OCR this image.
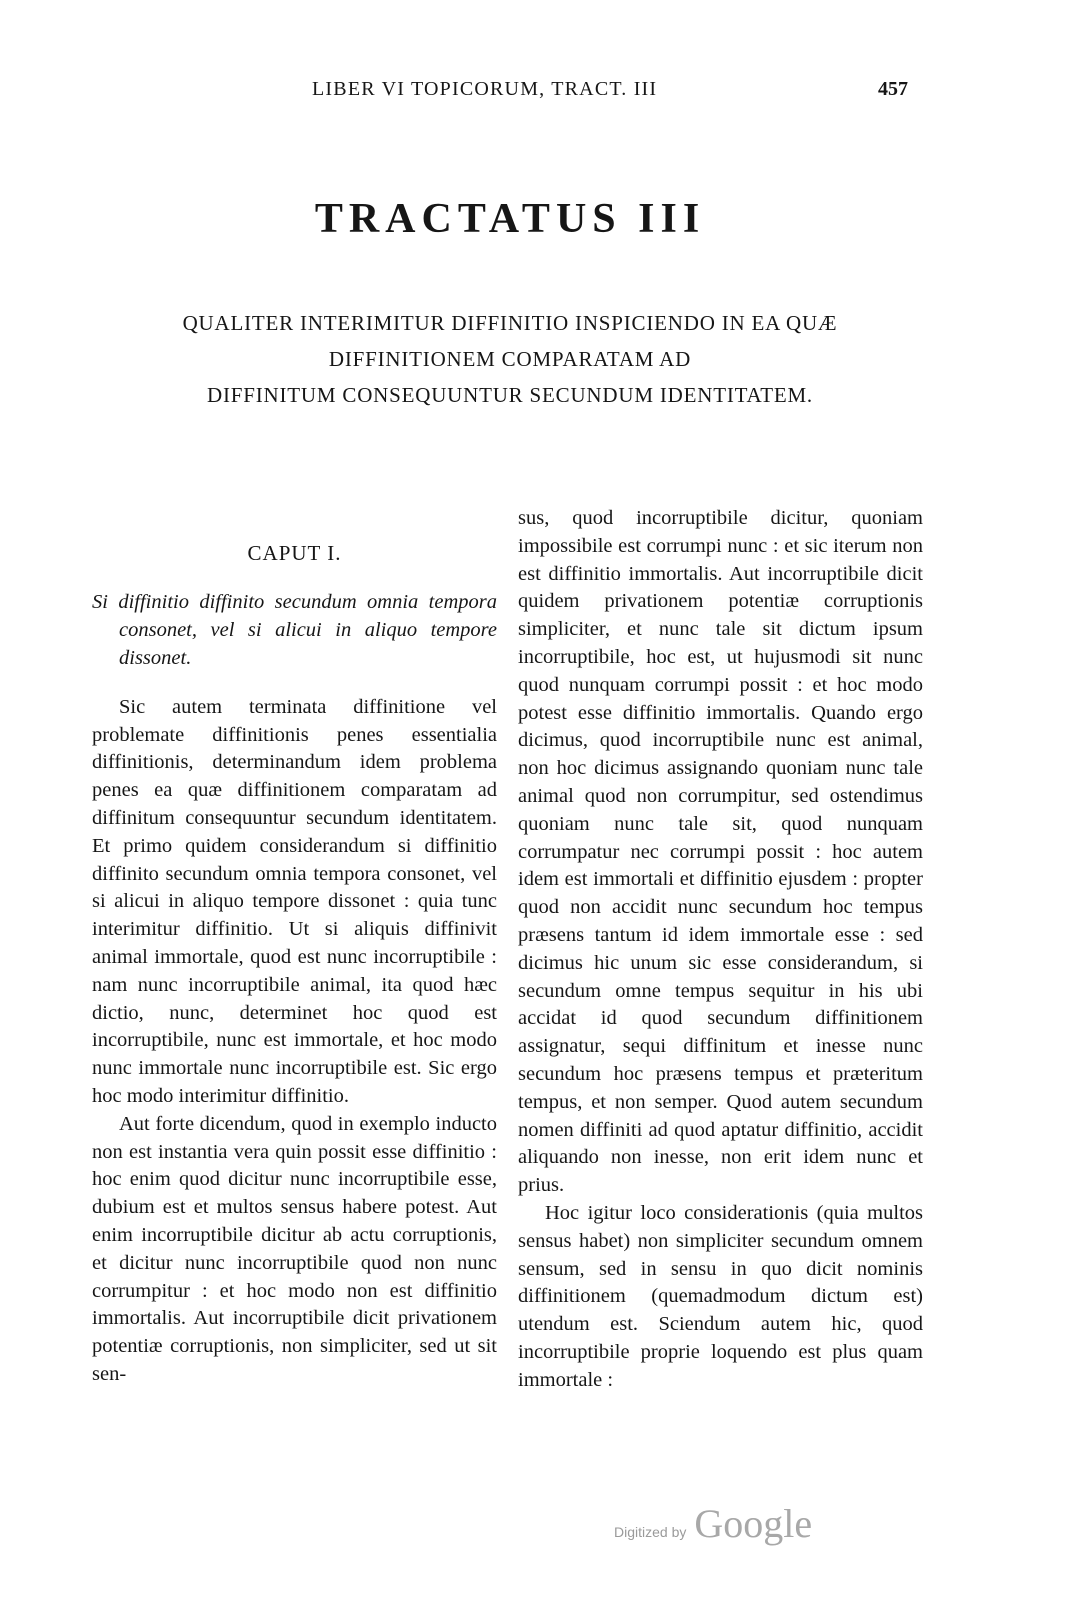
LIBER VI TOPICORUM, TRACT. III	457
TRACTATUS III
QUALITER INTERIMITUR DIFFINITIO INSPICIENDO IN EA QUÆ
DIFFINITIONEM COMPARATAM AD
DIFFINITUM CONSEQUUNTUR SECUNDUM IDENTITATEM.
CAPUT I.
Si diffinitio diffinito secundum omnia tempora consonet, vel si alicui in aliquo tempore dissonet.

Sic autem terminata diffinitione vel problemate diffinitionis penes essentialia diffinitionis, determinandum idem problema penes ea quæ diffinitionem comparatam ad diffinitum consequuntur secundum identitatem. Et primo quidem considerandum si diffinitio diffinito secundum omnia tempora consonet, vel si alicui in aliquo tempore dissonet : quia tunc interimitur diffinitio. Ut si aliquis diffinivit animal immortale, quod est nunc incorruptibile : nam nunc incorruptibile animal, ita quod hæc dictio, nunc, determinet hoc quod est incorruptibile, nunc est immortale, et hoc modo nunc immortale nunc incorruptibile est. Sic ergo hoc modo interimitur diffinitio.

Aut forte dicendum, quod in exemplo inducto non est instantia vera quin possit esse diffinitio : hoc enim quod dicitur nunc incorruptibile esse, dubium est et multos sensus habere potest. Aut enim incorruptibile dicitur ab actu corruptionis, et dicitur nunc incorruptibile quod non nunc corrumpitur : et hoc modo non est diffinitio immortalis. Aut incorruptibile dicit privationem potentiæ corruptionis, non simpliciter, sed ut sit sen-

sus, quod incorruptibile dicitur, quoniam impossibile est corrumpi nunc : et sic iterum non est diffinitio immortalis. Aut incorruptibile dicit quidem privationem potentiæ corruptionis simpliciter, et nunc tale sit dictum ipsum incorruptibile, hoc est, ut hujusmodi sit nunc quod nunquam corrumpi possit : et hoc modo potest esse diffinitio immortalis. Quando ergo dicimus, quod incorruptibile nunc est animal, non hoc dicimus assignando quoniam nunc tale animal quod non corrumpitur, sed ostendimus quoniam nunc tale sit, quod nunquam corrumpatur nec corrumpi possit : hoc autem idem est immortali et diffinitio ejusdem : propter quod non accidit nunc secundum hoc tempus præsens tantum id idem immortale esse : sed dicimus hic unum sic esse considerandum, si secundum omne tempus sequitur in his ubi accidat id quod secundum diffinitionem assignatur, sequi diffinitum et inesse nunc secundum hoc præsens tempus et præteritum tempus, et non semper. Quod autem secundum nomen diffiniti ad quod aptatur diffinitio, accidit aliquando non inesse, non erit idem nunc et prius.

Hoc igitur loco considerationis (quia multos sensus habet) non simpliciter secundum omnem sensum, sed in sensu in quo dicit nominis diffinitionem (quemadmodum dictum est) utendum est. Sciendum autem hic, quod incorruptibile proprie loquendo est plus quam immortale :

Digitized by Google
